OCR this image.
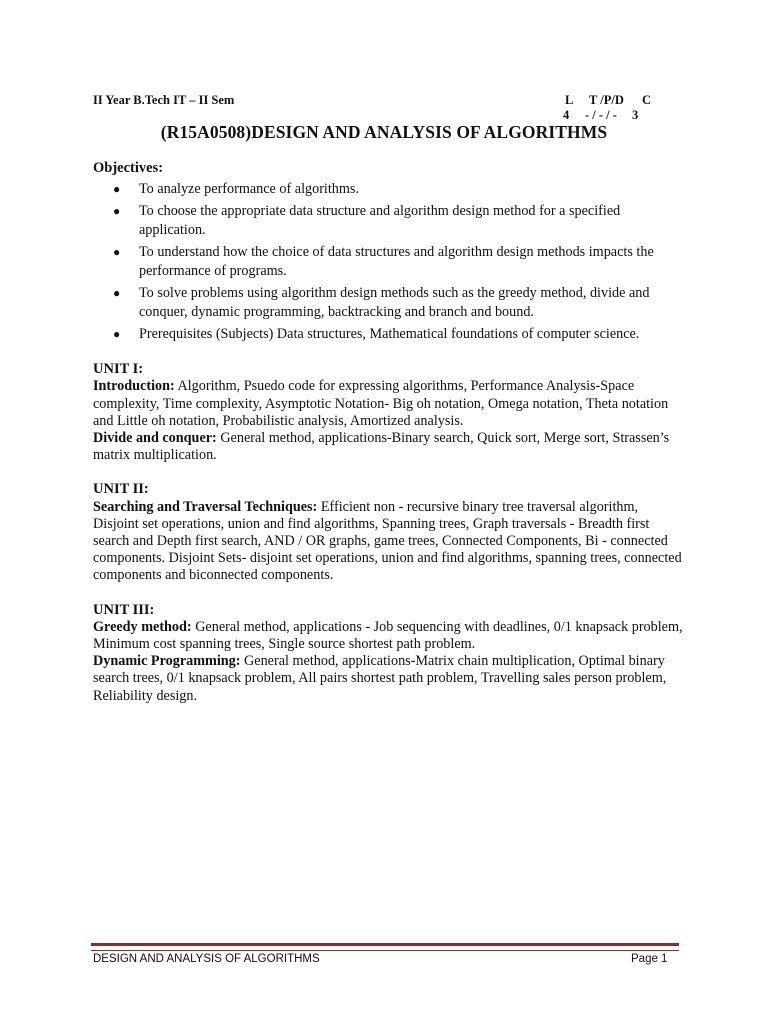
II Year B.Tech IT – II Sem	L T /P/D C
4 - / - / - 3
(R15A0508)DESIGN AND ANALYSIS OF ALGORITHMS
Objectives:
● To analyze performance of algorithms.
● To choose the appropriate data structure and algorithm design method for a specified application.
● To understand how the choice of data structures and algorithm design methods impacts the performance of programs.
● To solve problems using algorithm design methods such as the greedy method, divide and conquer, dynamic programming, backtracking and branch and bound.
● Prerequisites (Subjects) Data structures, Mathematical foundations of computer science.
UNIT I:

Introduction: Algorithm, Psuedo code for expressing algorithms, Performance Analysis-Space complexity, Time complexity, Asymptotic Notation- Big oh notation, Omega notation, Theta notation and Little oh notation, Probabilistic analysis, Amortized analysis.

Divide and conquer: General method, applications-Binary search, Quick sort, Merge sort, Strassen’s matrix multiplication.

UNIT II:

Searching and Traversal Techniques: Efficient non - recursive binary tree traversal algorithm, Disjoint set operations, union and find algorithms, Spanning trees, Graph traversals - Breadth first search and Depth first search, AND / OR graphs, game trees, Connected Components, Bi - connected components. Disjoint Sets- disjoint set operations, union and find algorithms, spanning trees, connected components and biconnected components.

UNIT III:

Greedy method: General method, applications - Job sequencing with deadlines, 0/1 knapsack problem, Minimum cost spanning trees, Single source shortest path problem.

Dynamic Programming: General method, applications-Matrix chain multiplication, Optimal binary search trees, 0/1 knapsack problem, All pairs shortest path problem, Travelling sales person problem, Reliability design.

DESIGN AND ANALYSIS OF ALGORITHMS	Page 1
